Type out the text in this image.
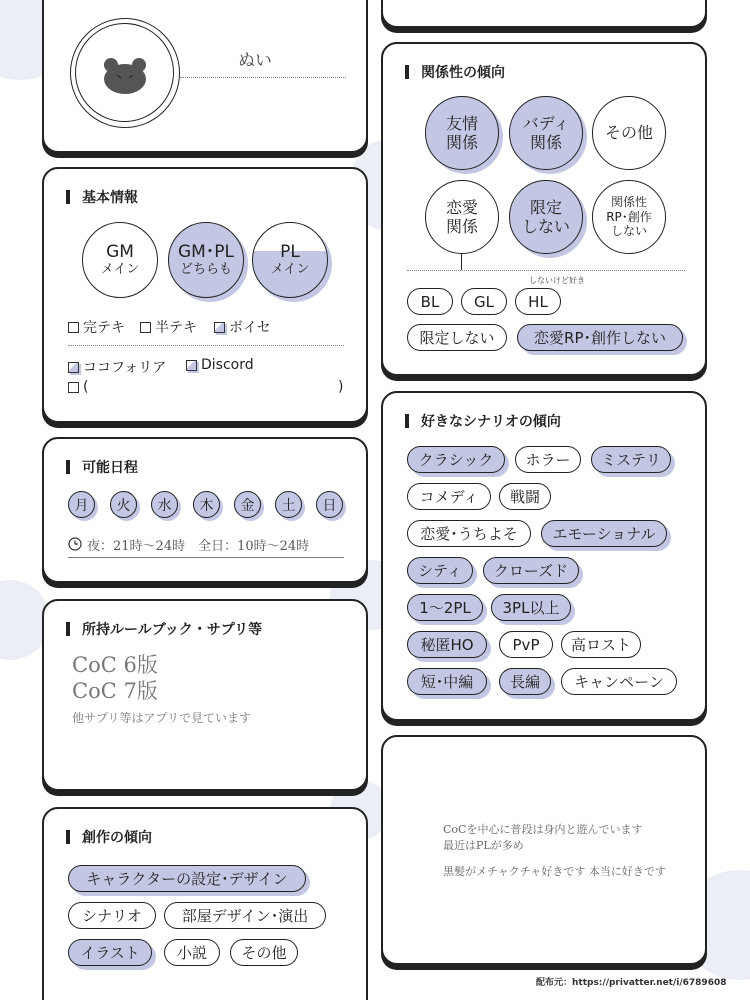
ぬい
基本情報
GM
メイン
GM･PL
どちらも
PL
メイン
完テキ 半テキ ボイセ
ココフォリア Discord
(	)
可能日程
月	火	水	木	金	土	日
夜：21時～24時　全日：10時～24時
所持ルールブック・サプリ等
CoC 6版
CoC 7版
他サプリ等はアプリで見ています
創作の傾向
キャラクターの設定･デザイン
シナリオ	部屋デザイン･演出
イラスト	小説	その他
関係性の傾向
友情
関係
バディ
関係
その他
恋愛
関係
限定
しない
関係性
RP･創作
しない
しないけど好き
BL	GL	HL
限定しない	恋愛RP･創作しない
好きなシナリオの傾向
クラシック	ホラー	ミステリ
コメディ	戦闘
恋愛･うちよそ	エモーショナル
シティ	クローズド
1〜2PL	3PL以上
秘匿HO	PvP	高ロスト
短･中編	長編	キャンペーン
CoCを中心に普段は身内と遊んでいます
最近はPLが多め
黒髪がメチャクチャ好きです 本当に好きです
配布元：https://privatter.net/i/6789608
